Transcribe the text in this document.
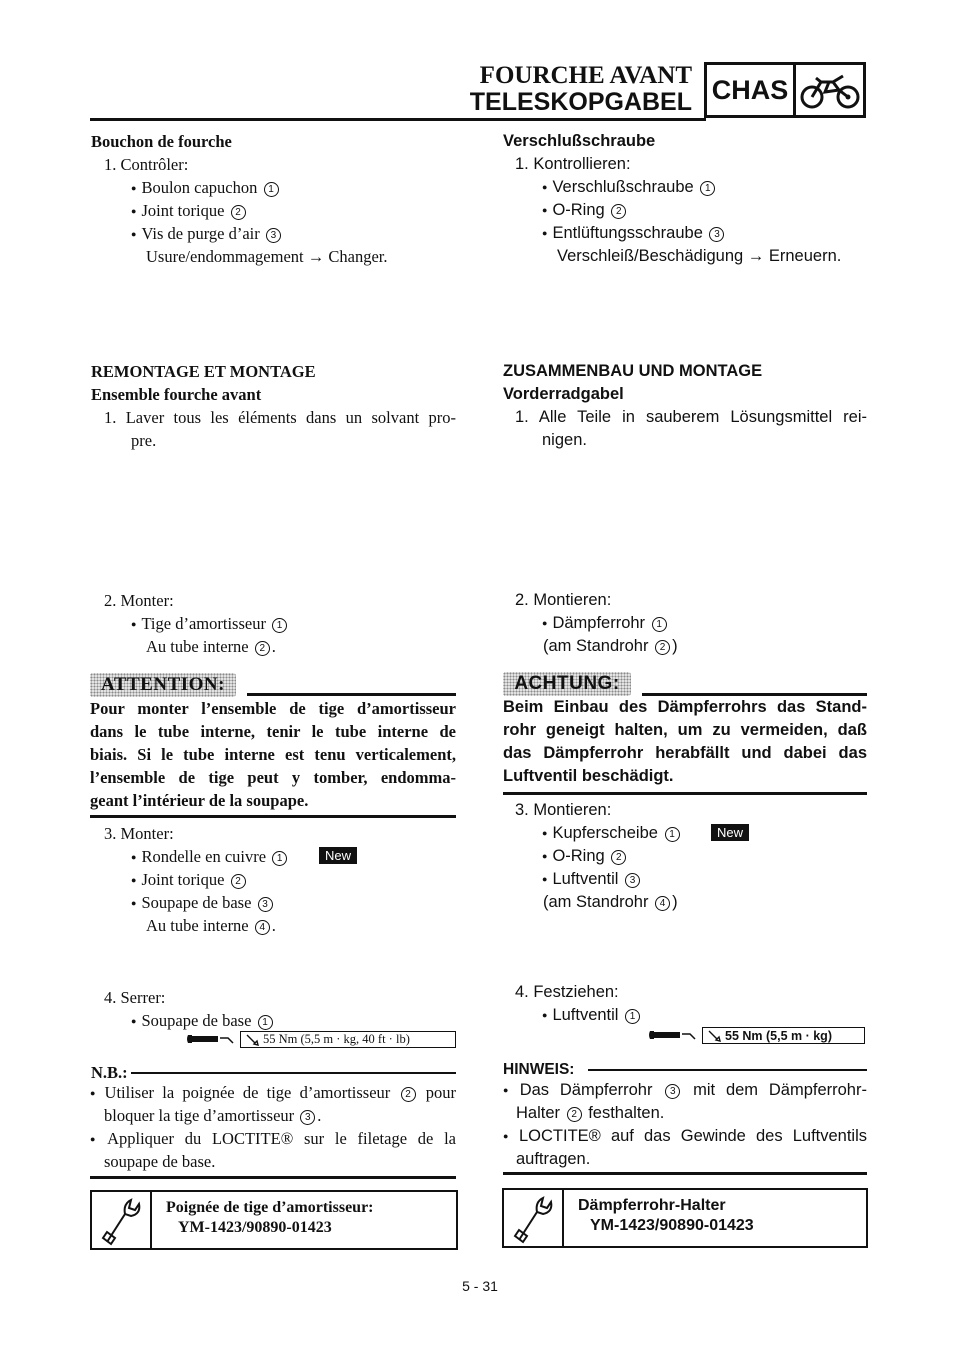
FOURCHE AVANT
TELESKOPGABEL CHAS
Bouchon de fourche
1. Contrôler:
● Boulon capuchon 1
● Joint torique 2
● Vis de purge d’air 3
Usure/endommagement → Changer.
REMONTAGE ET MONTAGE
Ensemble fourche avant
1. Laver tous les éléments dans un solvant pro-
pre.
2. Monter:
● Tige d’amortisseur 1
Au tube interne 2 .
ATTENTION:
Pour monter l’ensemble de tige d’amortisseur
dans le tube interne, tenir le tube interne de
biais. Si le tube interne est tenu verticalement,
l’ensemble de tige peut y tomber, endomma-
geant l’intérieur de la soupape.
3. Monter:
● Rondelle en cuivre 1	New
● Joint torique 2
● Soupape de base 3
Au tube interne 4 .
4. Serrer:
● Soupape de base 1
55 Nm (5,5 m · kg, 40 ft · lb)
N.B.:
● Utiliser la poignée de tige d’amortisseur 2 pour
bloquer la tige d’amortisseur 3 .
● Appliquer du LOCTITE® sur le filetage de la
soupape de base.
Poignée de tige d’amortisseur:
YM-1423/90890-01423
Verschlußschraube
1. Kontrollieren:
● Verschlußschraube 1
● O-Ring 2
● Entlüftungsschraube 3
Verschleiß/Beschädigung → Erneuern.
ZUSAMMENBAU UND MONTAGE
Vorderradgabel
1. Alle Teile in sauberem Lösungsmittel rei-
nigen.
2. Montieren:
● Dämpferrohr 1
(am Standrohr 2 )
ACHTUNG:
Beim Einbau des Dämpferrohrs das Stand-
rohr geneigt halten, um zu vermeiden, daß
das Dämpferrohr herabfällt und dabei das
Luftventil beschädigt.
3. Montieren:
● Kupferscheibe 1	New
● O-Ring 2
● Luftventil 3
(am Standrohr 4 )
4. Festziehen:
● Luftventil 1
55 Nm (5,5 m · kg)
HINWEIS:
● Das Dämpferrohr 3 mit dem Dämpferrohr-
Halter 2 festhalten.
● LOCTITE® auf das Gewinde des Luftventils
auftragen.
Dämpferrohr-Halter
YM-1423/90890-01423
5 - 31
